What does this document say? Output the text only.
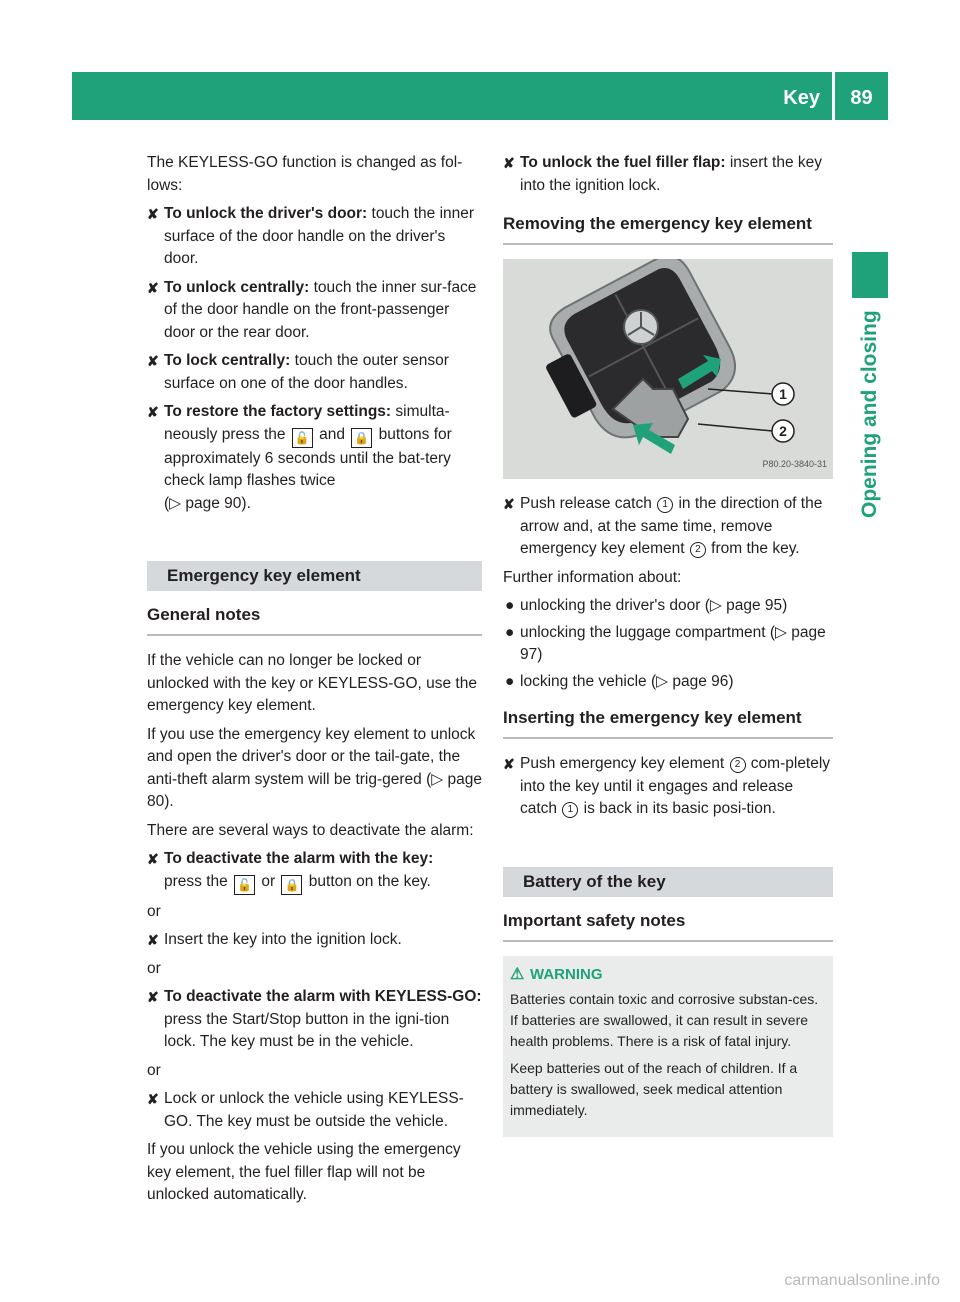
Key	89
Opening and closing

The KEYLESS-GO function is changed as fol-lows:

✘ To unlock the driver's door: touch the inner surface of the door handle on the driver's door.
✘ To unlock centrally: touch the inner sur-face of the door handle on the front-passenger door or the rear door.
✘ To lock centrally: touch the outer sensor surface on one of the door handles.
✘ To restore the factory settings: simulta-neously press the 🔓 and 🔒 buttons for approximately 6 seconds until the bat-tery check lamp flashes twice
(▷ page 90).
Emergency key element
General notes

If the vehicle can no longer be locked or unlocked with the key or KEYLESS-GO, use the emergency key element.

If you use the emergency key element to unlock and open the driver's door or the tail-gate, the anti-theft alarm system will be trig-gered (▷ page 80).

There are several ways to deactivate the alarm:

✘ To deactivate the alarm with the key:
press the 🔓 or 🔒 button on the key.

or

✘ Insert the key into the ignition lock.

or

✘ To deactivate the alarm with KEYLESS-GO: press the Start/Stop button in the igni-tion lock. The key must be in the vehicle.

or

✘ Lock or unlock the vehicle using KEYLESS-GO. The key must be outside the vehicle.

If you unlock the vehicle using the emergency key element, the fuel filler flap will not be unlocked automatically.

✘ To unlock the fuel filler flap: insert the key into the ignition lock.
Removing the emergency key element
1
2
P80.20-3840-31
✘ Push release catch 1 in the direction of the arrow and, at the same time, remove emergency key element 2 from the key.

Further information about:

● unlocking the driver's door (▷ page 95)
● unlocking the luggage compartment (▷ page 97)
● locking the vehicle (▷ page 96)
Inserting the emergency key element
✘ Push emergency key element 2 com-pletely into the key until it engages and release catch 1 is back in its basic posi-tion.
Battery of the key
Important safety notes
⚠ WARNING

Batteries contain toxic and corrosive substan-ces. If batteries are swallowed, it can result in severe health problems. There is a risk of fatal injury.

Keep batteries out of the reach of children. If a battery is swallowed, seek medical attention immediately.

carmanualsonline.info
